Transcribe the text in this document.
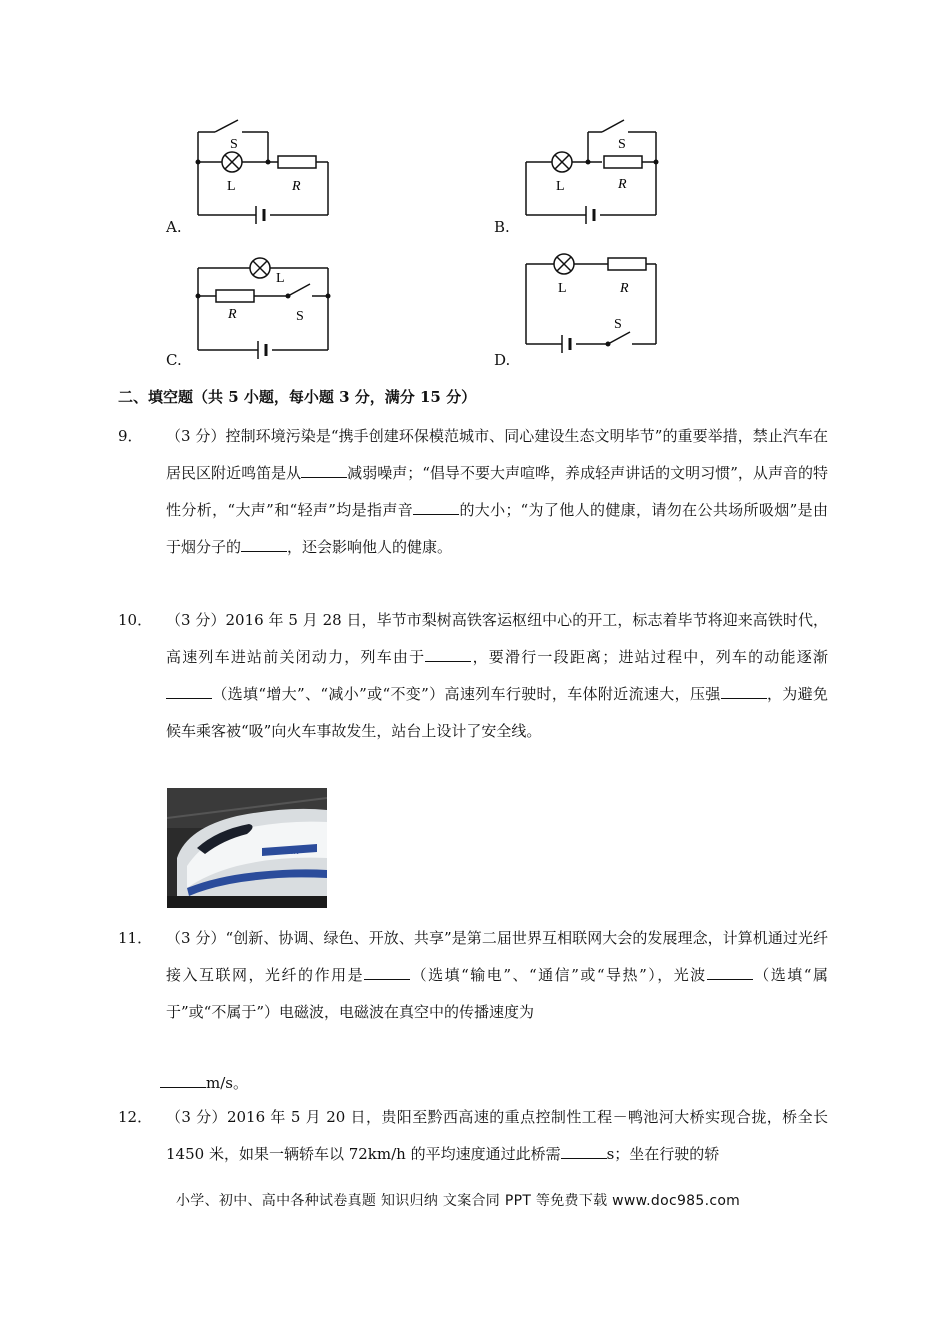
S
L	R
A.
S
L	R
B.
S
L
R
C.
S
L	R
D.
二、填空题（共 5 小题，每小题 3 分，满分 15 分）
9． （3 分）控制环境污染是“携手创建环保模范城市、同心建设生态文明毕节”的重要举措，禁止汽车在居民区附近鸣笛是从	减弱噪声；“倡导不要大声喧哗，养成轻声讲话的文明习惯”，从声音的特性分析，“大声”和“轻声”均是指声音	的大小；“为了他人的健康，请勿在公共场所吸烟”是由于烟分子的	，还会影响他人的健康。
10． （3 分）2016 年 5 月 28 日，毕节市梨树高铁客运枢纽中心的开工，标志着毕节将迎来高铁时代，高速列车进站前关闭动力，列车由于	，要滑行一段距离；进站过程中，列车的动能逐渐（选填“增大”、“减小”或“不变”）高速列车行驶时，车体附近流速大，压强	，为避免候车乘客被“吸”向火车事故发生，站台上设计了安全线。
CRH 380A
11． （3 分）“创新、协调、绿色、开放、共享”是第二届世界互相联网大会的发展理念，计算机通过光纤接入互联网，光纤的作用是	（选填“输电”、“通信”或“导热”），光波	（选填“属于”或“不属于”）电磁波，电磁波在真空中的传播速度为
m/s。
12． （3 分）2016 年 5 月 20 日，贵阳至黔西高速的重点控制性工程－鸭池河大桥实现合拢，桥全长 1450 米，如果一辆轿车以 72km/h 的平均速度通过此桥需	s；坐在行驶的轿
小学、初中、高中各种试卷真题 知识归纳 文案合同 PPT 等免费下载 www.doc985.com
